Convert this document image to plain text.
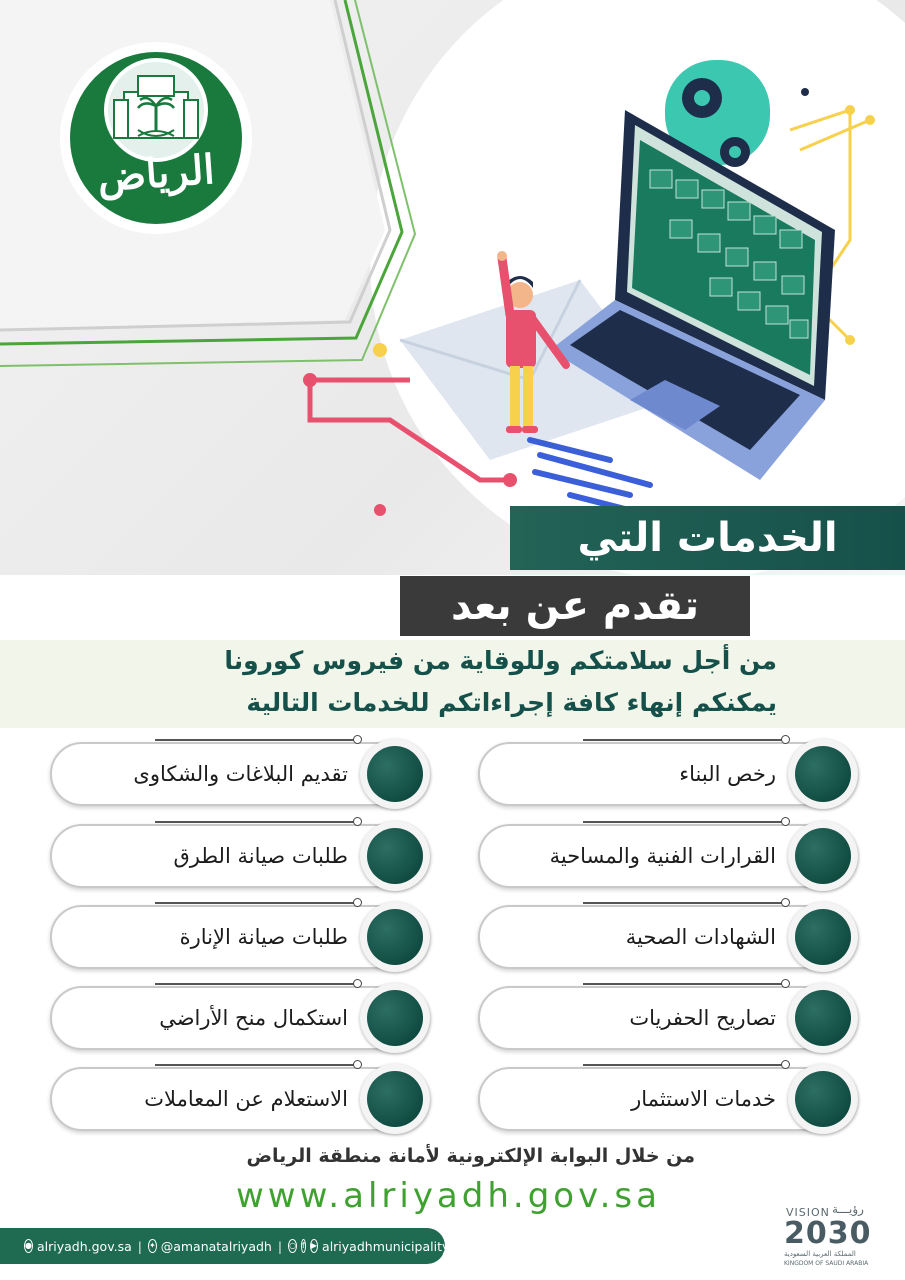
الرياض
الخدمات التي
تقدم عن بعد
من أجل سلامتكم وللوقاية من فيروس كورونا
يمكنكم إنهاء كافة إجراءاتكم للخدمات التالية
رخص البناء
القرارات الفنية والمساحية
الشهادات الصحية
تصاريح الحفريات
خدمات الاستثمار
تقديم البلاغات والشكاوى
طلبات صيانة الطرق
طلبات صيانة الإنارة
استكمال منح الأراضي
الاستعلام عن المعاملات
من خلال البوابة الإلكترونية لأمانة منطقة الرياض
www.alriyadh.gov.sa
● alriyadh.gov.sa | ✦ @amanatalriyadh | ○ f ▶ alriyadhmunicipality
VISION رؤيـــة
2030
المملكة العربية السعودية
KINGDOM OF SAUDI ARABIA
